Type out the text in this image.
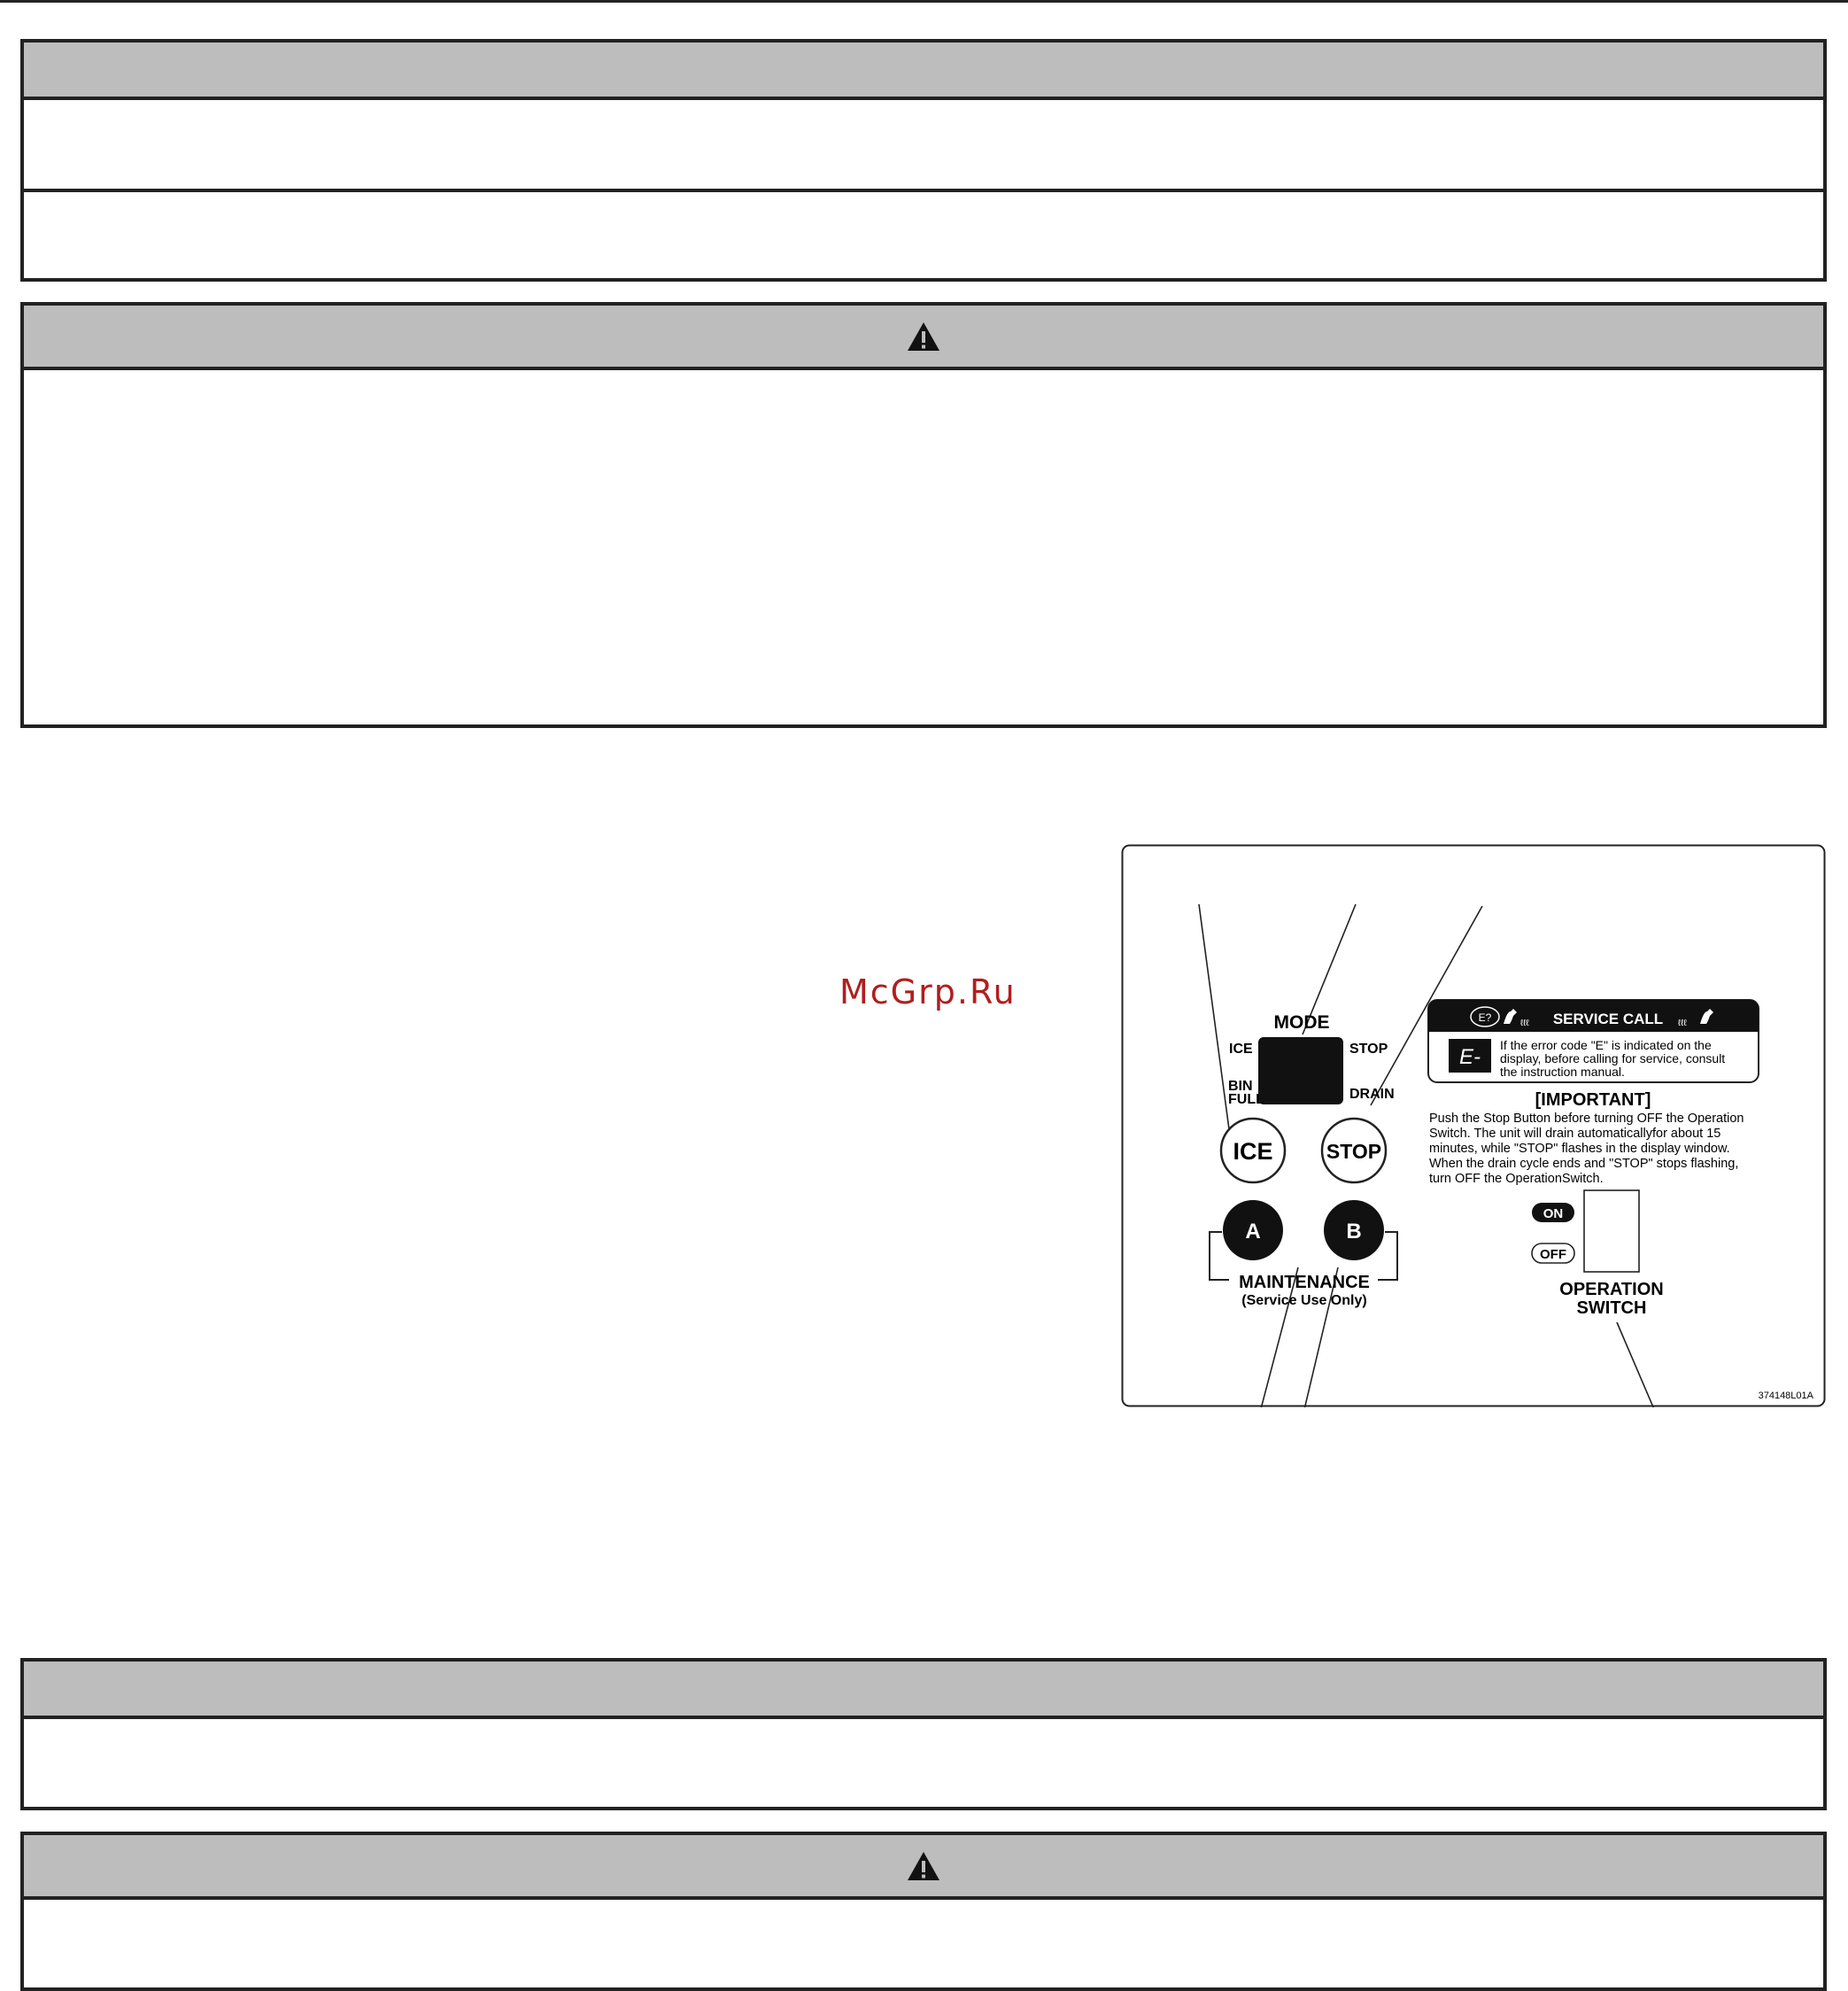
McGrp.Ru
MODE
ICE	STOP
BIN
FULL	DRAIN
ICE	STOP
A	B
MAINTENANCE
(Service Use Only)
E?	ℓℓℓ SERVICE CALL ℓℓℓ
E- If the error code "E" is indicated on the
display, before calling for service, consult
the instruction manual.
[IMPORTANT]
Push the Stop Button before turning OFF the Operation
Switch. The unit will drain automaticallyfor about 15
minutes, while "STOP" flashes in the display window.
When the drain cycle ends and "STOP" stops flashing,
turn OFF the OperationSwitch.
ON
OFF
OPERATION
SWITCH
374148L01A
